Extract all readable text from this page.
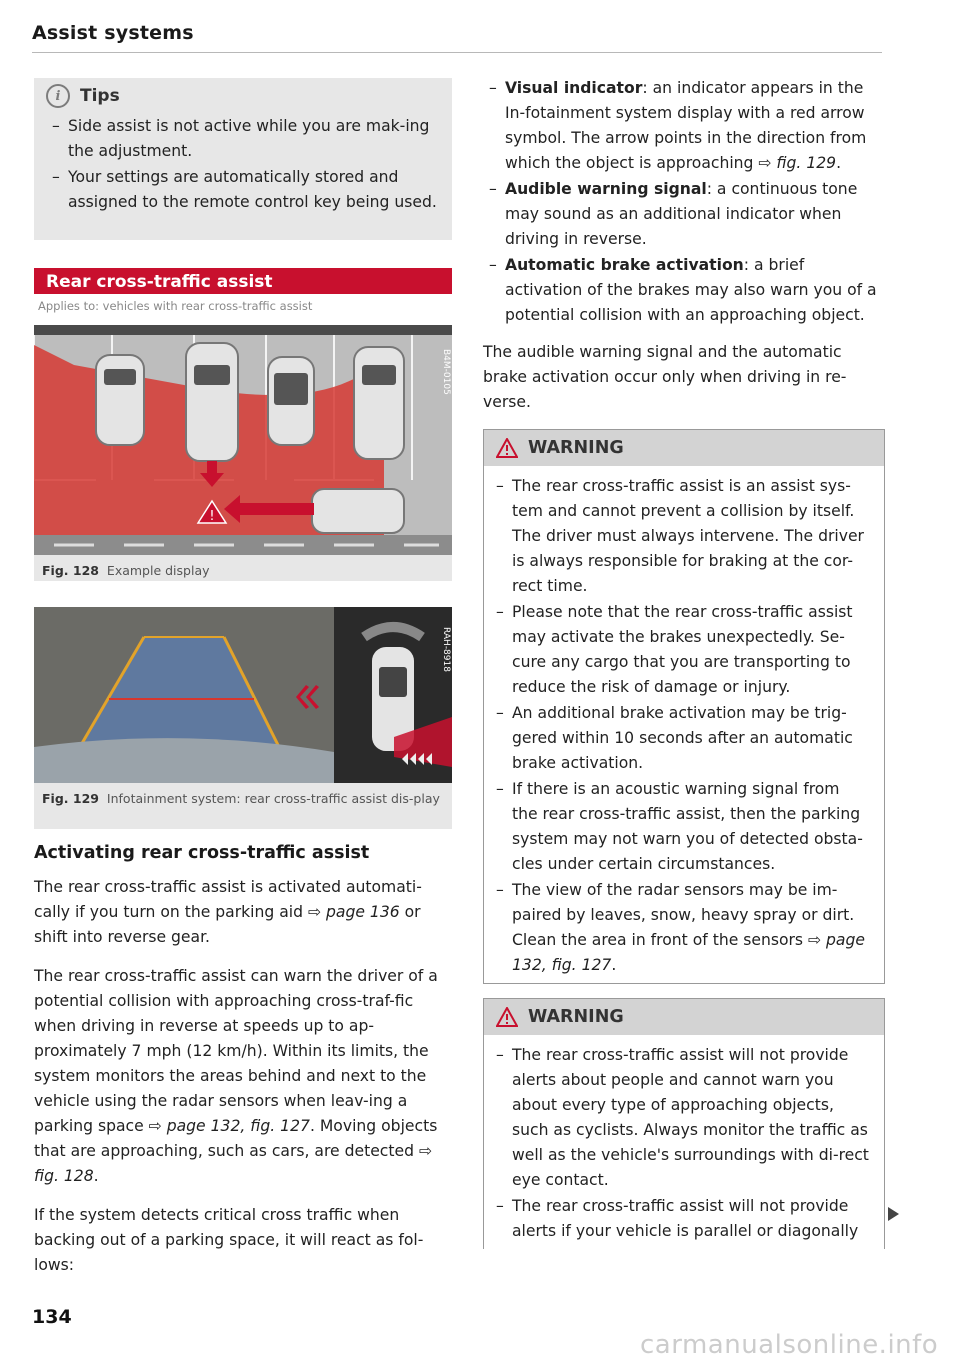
Assist systems
i	Tips
– Side assist is not active while you are mak-ing the adjustment.
– Your settings are automatically stored and assigned to the remote control key being used.
Rear cross-traffic assist
Applies to: vehicles with rear cross-traffic assist
!
B4M-0105
Fig. 128 Example display
RAH-8918
Fig. 129 Infotainment system: rear cross-traffic assist dis-play
Activating rear cross-traffic assist

The rear cross-traffic assist is activated automati-cally if you turn on the parking aid ⇨ page 136 or shift into reverse gear.

The rear cross-traffic assist can warn the driver of a potential collision with approaching cross-traf-fic when driving in reverse at speeds up to ap-proximately 7 mph (12 km/h). Within its limits, the system monitors the areas behind and next to the vehicle using the radar sensors when leav-ing a parking space ⇨ page 132, fig. 127. Moving objects that are approaching, such as cars, are detected ⇨ fig. 128.

If the system detects critical cross traffic when backing out of a parking space, it will react as fol-lows:

– Visual indicator: an indicator appears in the In-fotainment system display with a red arrow symbol. The arrow points in the direction from which the object is approaching ⇨ fig. 129.
– Audible warning signal: a continuous tone may sound as an additional indicator when driving in reverse.
– Automatic brake activation: a brief activation of the brakes may also warn you of a potential collision with an approaching object.

The audible warning signal and the automatic brake activation occur only when driving in re-verse.

WARNING
– The rear cross-traffic assist is an assist sys-tem and cannot prevent a collision by itself. The driver must always intervene. The driver is always responsible for braking at the cor-rect time.
– Please note that the rear cross-traffic assist may activate the brakes unexpectedly. Se-cure any cargo that you are transporting to reduce the risk of damage or injury.
– An additional brake activation may be trig-gered within 10 seconds after an automatic brake activation.
– If there is an acoustic warning signal from the rear cross-traffic assist, then the parking system may not warn you of detected obsta-cles under certain circumstances.
– The view of the radar sensors may be im-paired by leaves, snow, heavy spray or dirt. Clean the area in front of the sensors ⇨ page 132, fig. 127.
WARNING
– The rear cross-traffic assist will not provide alerts about people and cannot warn you about every type of approaching objects, such as cyclists. Always monitor the traffic as well as the vehicle's surroundings with di-rect eye contact.
– The rear cross-traffic assist will not provide alerts if your vehicle is parallel or diagonally
134
carmanualsonline.info
